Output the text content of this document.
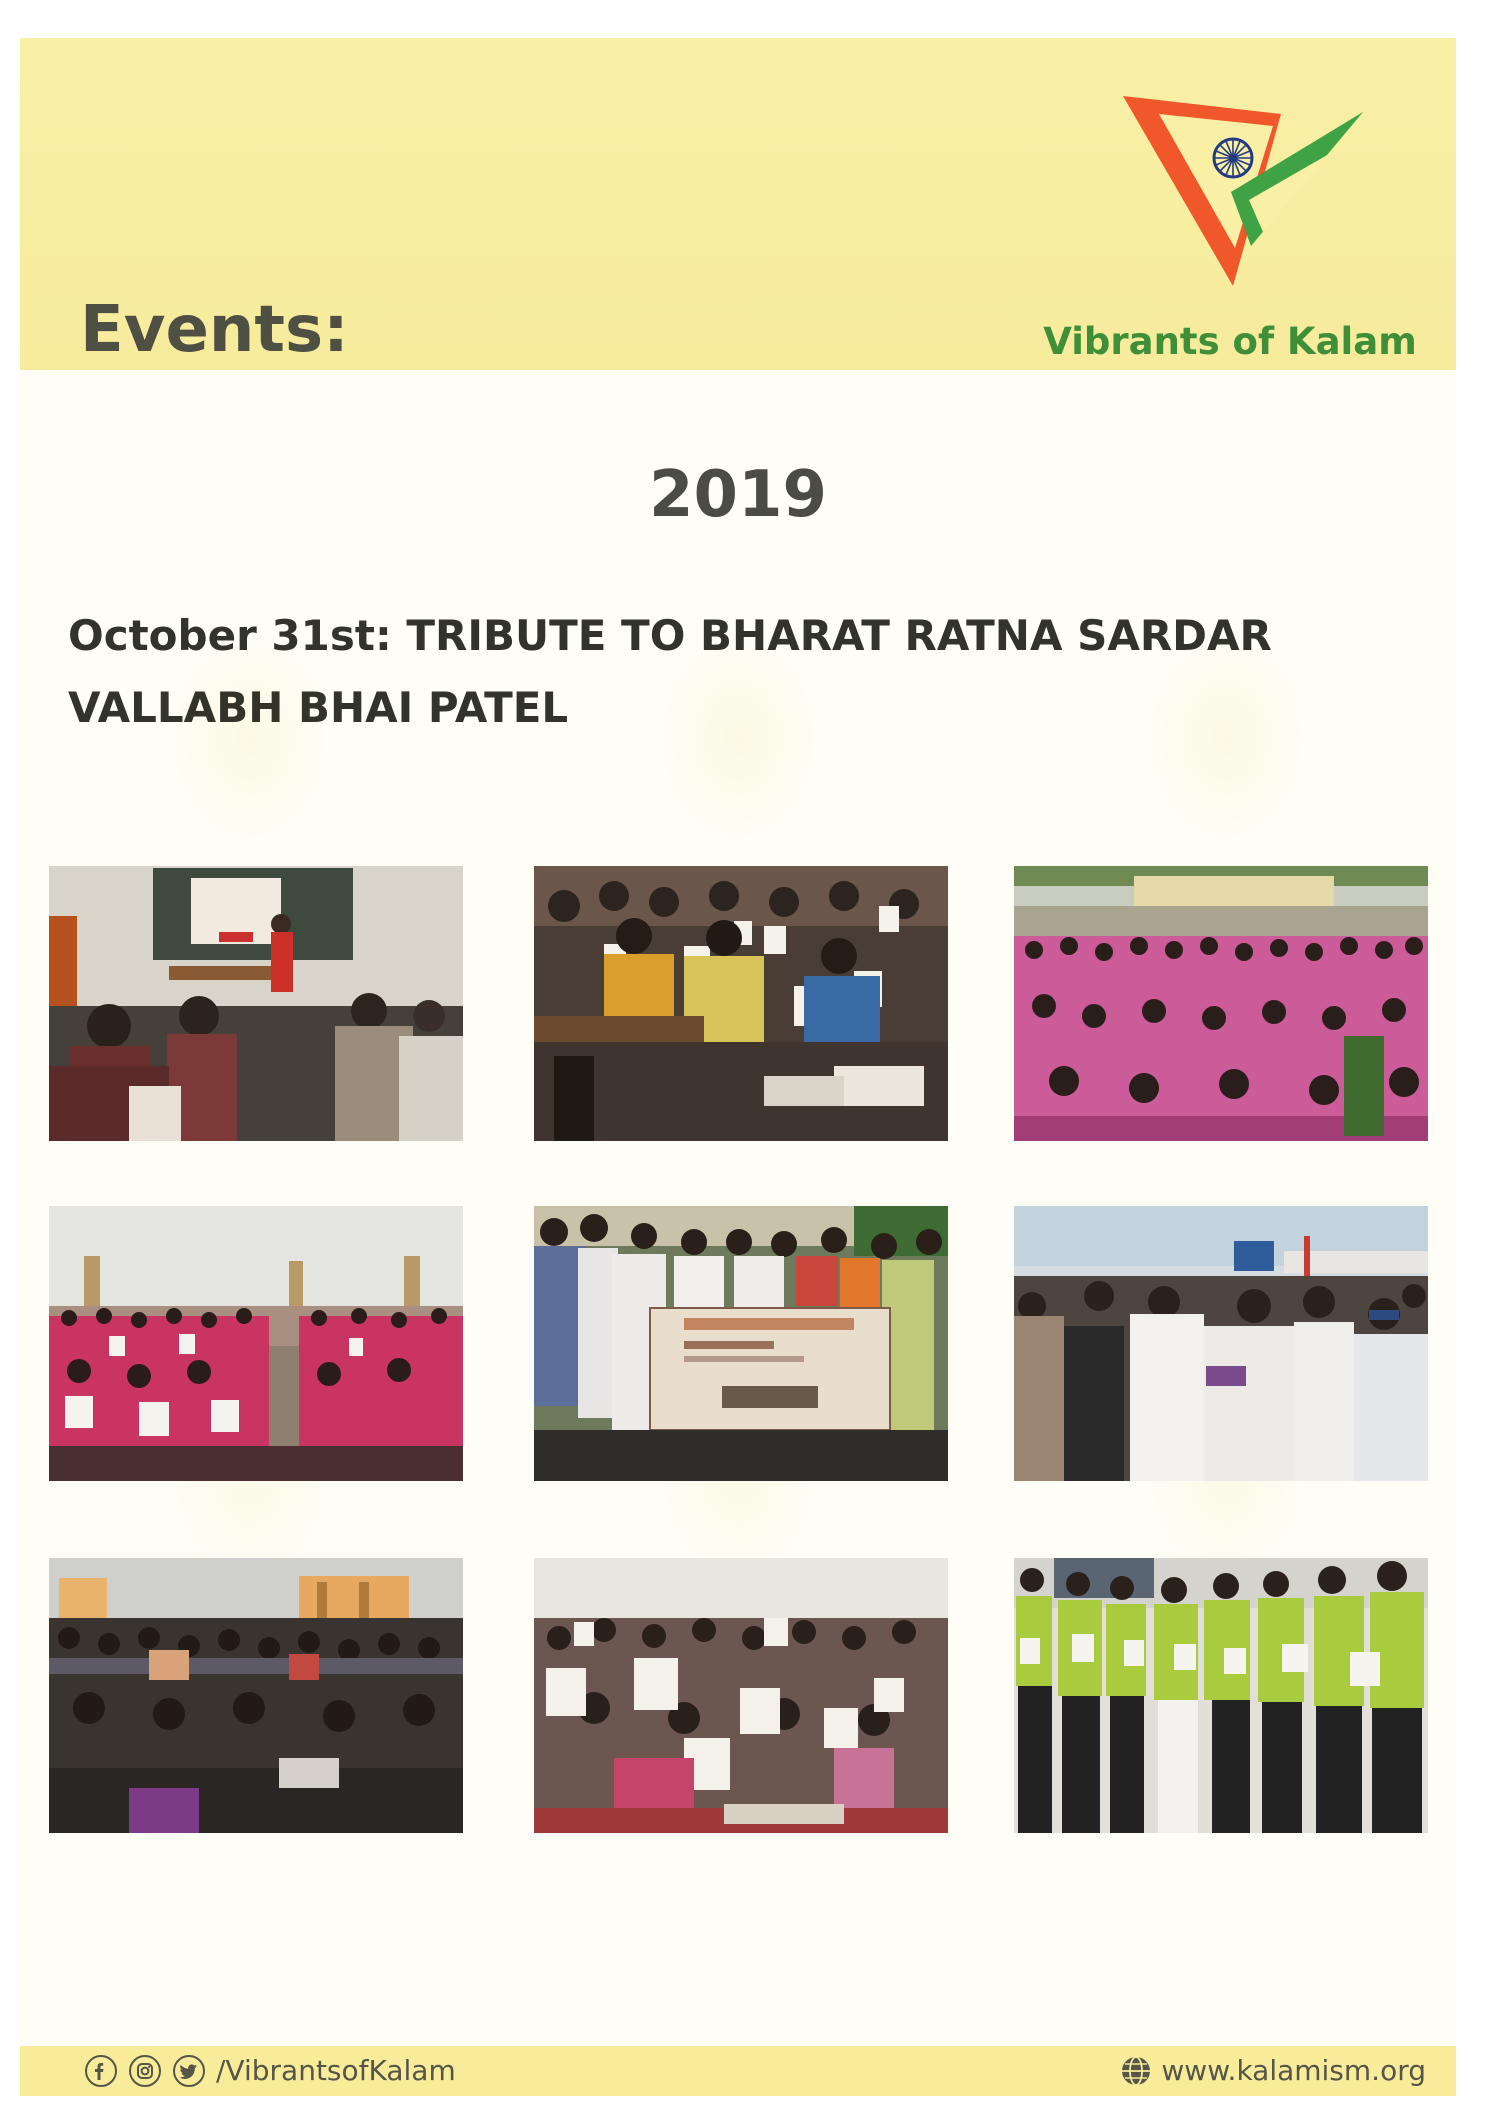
Events:	Vibrants of Kalam
2019
October 31st: TRIBUTE TO BHARAT RATNA SARDAR VALLABH BHAI PATEL
/VibrantsofKalam	www.kalamism.org
